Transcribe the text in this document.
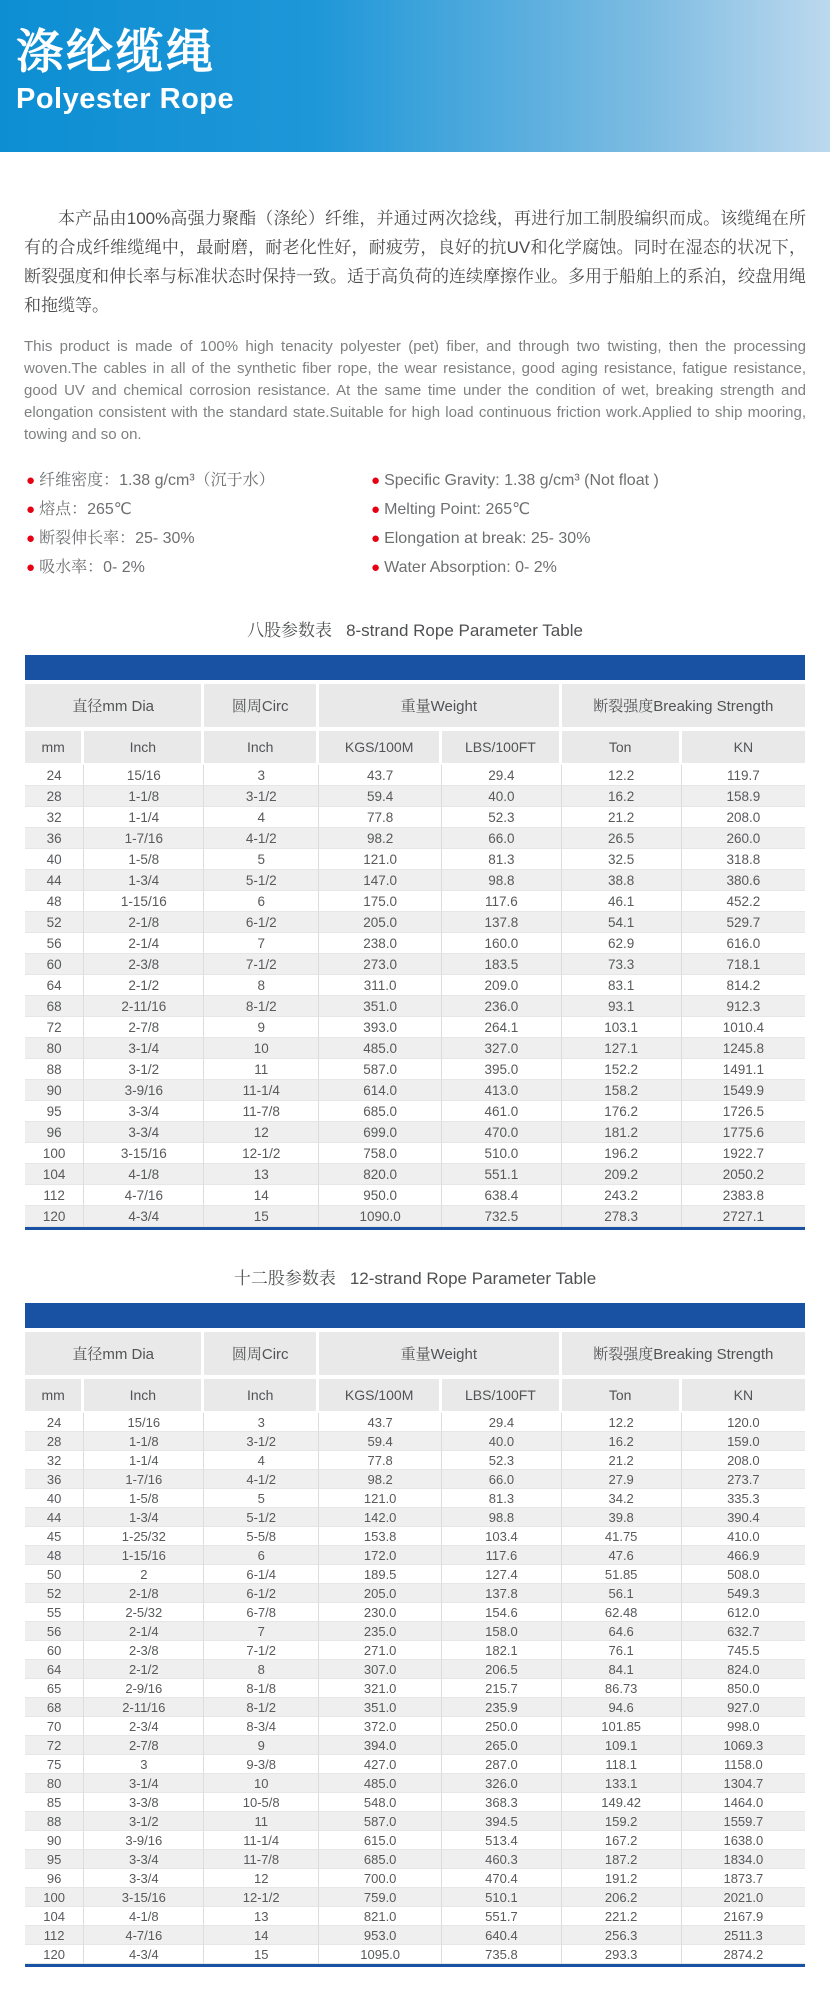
涤纶缆绳
Polyester Rope

本产品由100%高强力聚酯（涤纶）纤维，并通过两次捻线，再进行加工制股编织而成。该缆绳在所有的合成纤维缆绳中，最耐磨，耐老化性好，耐疲劳，良好的抗UV和化学腐蚀。同时在湿态的状况下，断裂强度和伸长率与标准状态时保持一致。适于高负荷的连续摩擦作业。多用于船舶上的系泊，绞盘用绳和拖缆等。

This product is made of 100% high tenacity polyester (pet) fiber, and through two twisting, then the processing woven.The cables in all of the synthetic fiber rope, the wear resistance, good aging resistance, fatigue resistance, good UV and chemical corrosion resistance. At the same time under the condition of wet, breaking strength and elongation consistent with the standard state.Suitable for high load continuous friction work.Applied to ship mooring, towing and so on.

● 纤维密度：1.38 g/cm³（沉于水）
● 熔点：265℃
● 断裂伸长率：25- 30%
● 吸水率：0- 2%
● Specific Gravity: 1.38 g/cm³ (Not float )
● Melting Point: 265℃
● Elongation at break: 25- 30%
● Water Absorption: 0- 2%
八股参数表 8-strand Rope Parameter Table
直径mm Dia		圆周Circ	重量Weight		断裂强度Breaking Strength	
mm	Inch	Inch	KGS/100M	LBS/100FT	Ton	KN
24	15/16	3	43.7	29.4	12.2	119.7
28	1-1/8	3-1/2	59.4	40.0	16.2	158.9
32	1-1/4	4	77.8	52.3	21.2	208.0
36	1-7/16	4-1/2	98.2	66.0	26.5	260.0
40	1-5/8	5	121.0	81.3	32.5	318.8
44	1-3/4	5-1/2	147.0	98.8	38.8	380.6
48	1-15/16	6	175.0	117.6	46.1	452.2
52	2-1/8	6-1/2	205.0	137.8	54.1	529.7
56	2-1/4	7	238.0	160.0	62.9	616.0
60	2-3/8	7-1/2	273.0	183.5	73.3	718.1
64	2-1/2	8	311.0	209.0	83.1	814.2
68	2-11/16	8-1/2	351.0	236.0	93.1	912.3
72	2-7/8	9	393.0	264.1	103.1	1010.4
80	3-1/4	10	485.0	327.0	127.1	1245.8
88	3-1/2	11	587.0	395.0	152.2	1491.1
90	3-9/16	11-1/4	614.0	413.0	158.2	1549.9
95	3-3/4	11-7/8	685.0	461.0	176.2	1726.5
96	3-3/4	12	699.0	470.0	181.2	1775.6
100	3-15/16	12-1/2	758.0	510.0	196.2	1922.7
104	4-1/8	13	820.0	551.1	209.2	2050.2
112	4-7/16	14	950.0	638.4	243.2	2383.8
120	4-3/4	15	1090.0	732.5	278.3	2727.1
十二股参数表 12-strand Rope Parameter Table
直径mm Dia		圆周Circ	重量Weight		断裂强度Breaking Strength	
mm	Inch	Inch	KGS/100M	LBS/100FT	Ton	KN
24	15/16	3	43.7	29.4	12.2	120.0
28	1-1/8	3-1/2	59.4	40.0	16.2	159.0
32	1-1/4	4	77.8	52.3	21.2	208.0
36	1-7/16	4-1/2	98.2	66.0	27.9	273.7
40	1-5/8	5	121.0	81.3	34.2	335.3
44	1-3/4	5-1/2	142.0	98.8	39.8	390.4
45	1-25/32	5-5/8	153.8	103.4	41.75	410.0
48	1-15/16	6	172.0	117.6	47.6	466.9
50	2	6-1/4	189.5	127.4	51.85	508.0
52	2-1/8	6-1/2	205.0	137.8	56.1	549.3
55	2-5/32	6-7/8	230.0	154.6	62.48	612.0
56	2-1/4	7	235.0	158.0	64.6	632.7
60	2-3/8	7-1/2	271.0	182.1	76.1	745.5
64	2-1/2	8	307.0	206.5	84.1	824.0
65	2-9/16	8-1/8	321.0	215.7	86.73	850.0
68	2-11/16	8-1/2	351.0	235.9	94.6	927.0
70	2-3/4	8-3/4	372.0	250.0	101.85	998.0
72	2-7/8	9	394.0	265.0	109.1	1069.3
75	3	9-3/8	427.0	287.0	118.1	1158.0
80	3-1/4	10	485.0	326.0	133.1	1304.7
85	3-3/8	10-5/8	548.0	368.3	149.42	1464.0
88	3-1/2	11	587.0	394.5	159.2	1559.7
90	3-9/16	11-1/4	615.0	513.4	167.2	1638.0
95	3-3/4	11-7/8	685.0	460.3	187.2	1834.0
96	3-3/4	12	700.0	470.4	191.2	1873.7
100	3-15/16	12-1/2	759.0	510.1	206.2	2021.0
104	4-1/8	13	821.0	551.7	221.2	2167.9
112	4-7/16	14	953.0	640.4	256.3	2511.3
120	4-3/4	15	1095.0	735.8	293.3	2874.2
